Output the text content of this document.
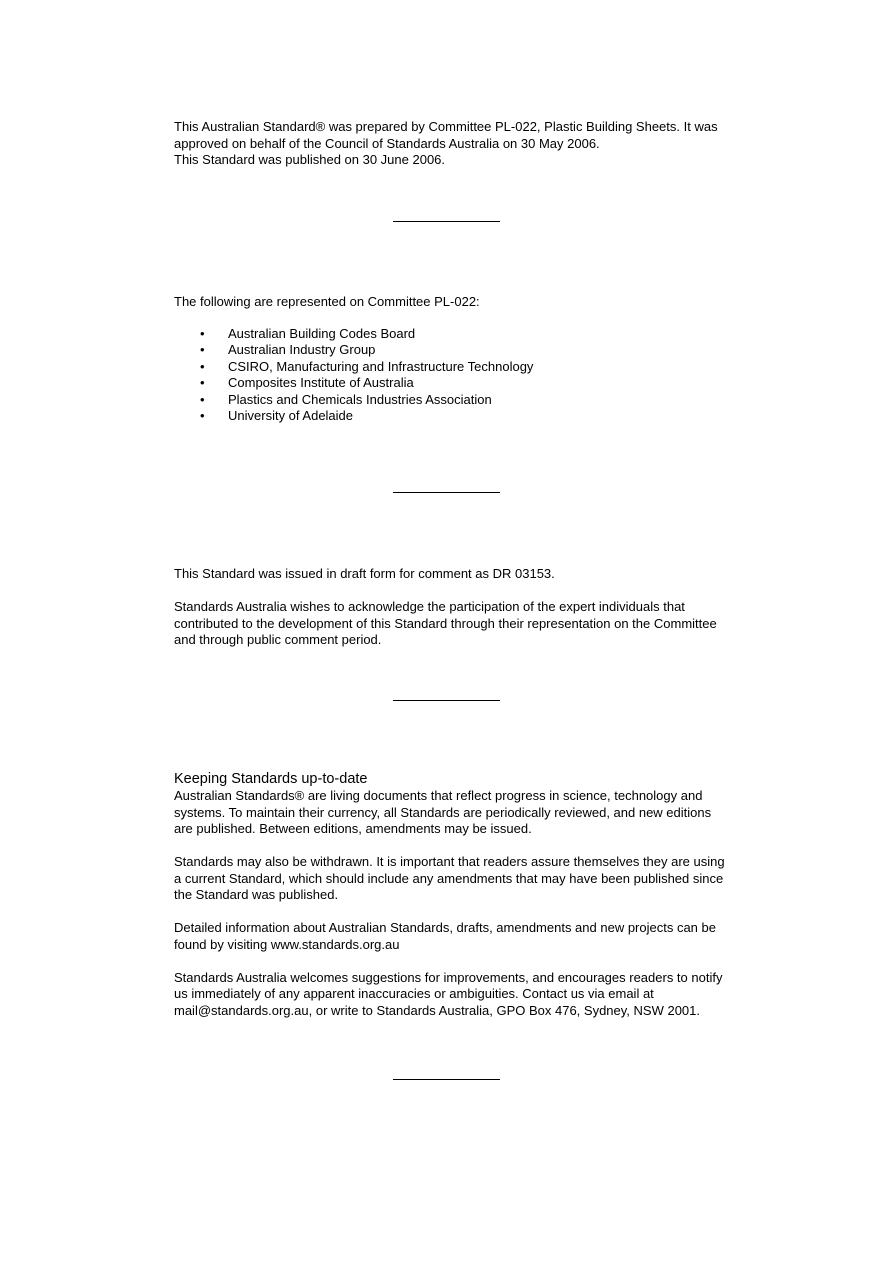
This Australian Standard® was prepared by Committee PL-022, Plastic Building Sheets. It was approved on behalf of the Council of Standards Australia on 30 May 2006.

This Standard was published on 30 June 2006.

The following are represented on Committee PL-022:

• Australian Building Codes Board
• Australian Industry Group
• CSIRO, Manufacturing and Infrastructure Technology
• Composites Institute of Australia
• Plastics and Chemicals Industries Association
• University of Adelaide

This Standard was issued in draft form for comment as DR 03153.

Standards Australia wishes to acknowledge the participation of the expert individuals that contributed to the development of this Standard through their representation on the Committee and through public comment period.

Keeping Standards up-to-date

Australian Standards® are living documents that reflect progress in science, technology and systems. To maintain their currency, all Standards are periodically reviewed, and new editions are published. Between editions, amendments may be issued.

Standards may also be withdrawn. It is important that readers assure themselves they are using a current Standard, which should include any amendments that may have been published since the Standard was published.

Detailed information about Australian Standards, drafts, amendments and new projects can be found by visiting www.standards.org.au

Standards Australia welcomes suggestions for improvements, and encourages readers to notify us immediately of any apparent inaccuracies or ambiguities. Contact us via email at mail@standards.org.au, or write to Standards Australia, GPO Box 476, Sydney, NSW 2001.
